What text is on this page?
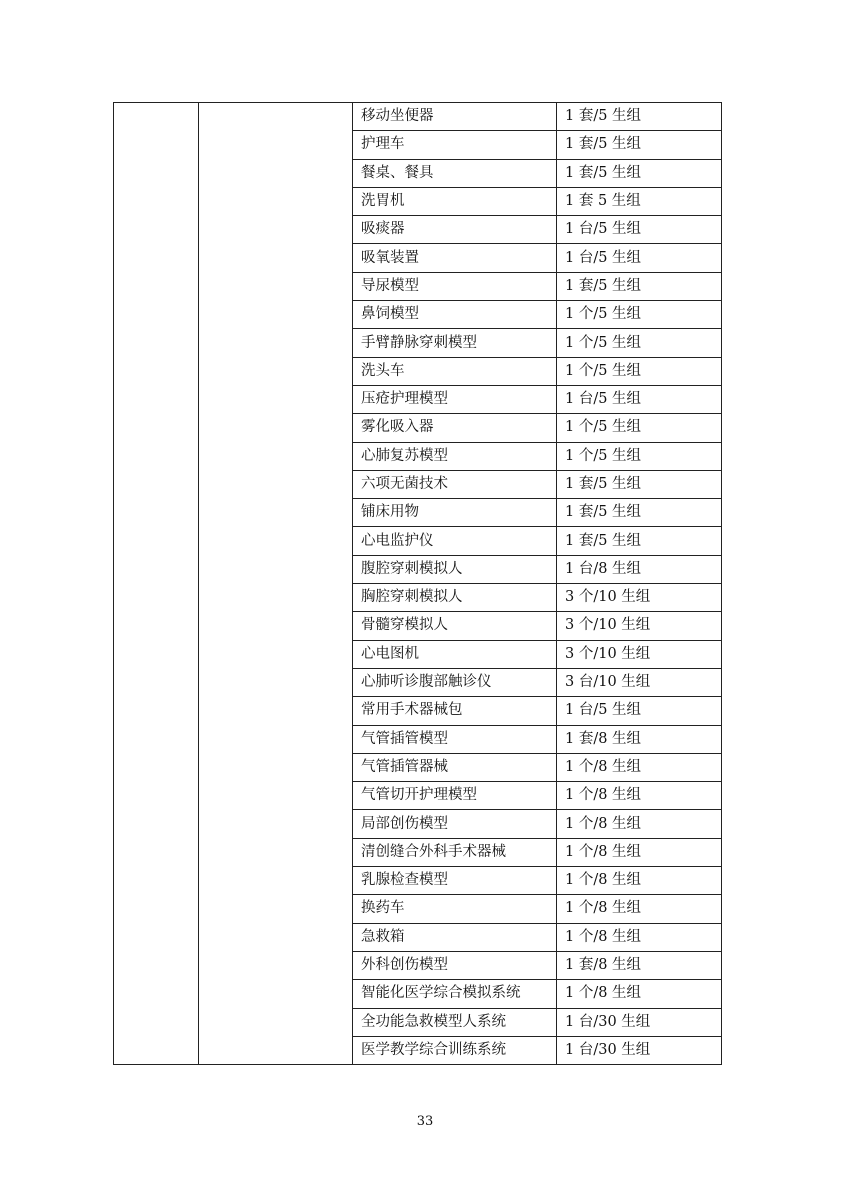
		移动坐便器	1 套/5 生组
		护理车	1 套/5 生组
		餐桌、餐具	1 套/5 生组
		洗胃机	1 套 5 生组
		吸痰器	1 台/5 生组
		吸氧装置	1 台/5 生组
		导尿模型	1 套/5 生组
		鼻饲模型	1 个/5 生组
		手臂静脉穿刺模型	1 个/5 生组
		洗头车	1 个/5 生组
		压疮护理模型	1 台/5 生组
		雾化吸入器	1 个/5 生组
		心肺复苏模型	1 个/5 生组
		六项无菌技术	1 套/5 生组
		铺床用物	1 套/5 生组
		心电监护仪	1 套/5 生组
		腹腔穿刺模拟人	1 台/8 生组
		胸腔穿刺模拟人	3 个/10 生组
		骨髓穿模拟人	3 个/10 生组
		心电图机	3 个/10 生组
		心肺听诊腹部触诊仪	3 台/10 生组
		常用手术器械包	1 台/5 生组
		气管插管模型	1 套/8 生组
		气管插管器械	1 个/8 生组
		气管切开护理模型	1 个/8 生组
		局部创伤模型	1 个/8 生组
		清创缝合外科手术器械	1 个/8 生组
		乳腺检查模型	1 个/8 生组
		换药车	1 个/8 生组
		急救箱	1 个/8 生组
		外科创伤模型	1 套/8 生组
		智能化医学综合模拟系统	1 个/8 生组
		全功能急救模型人系统	1 台/30 生组
		医学教学综合训练系统	1 台/30 生组
33
